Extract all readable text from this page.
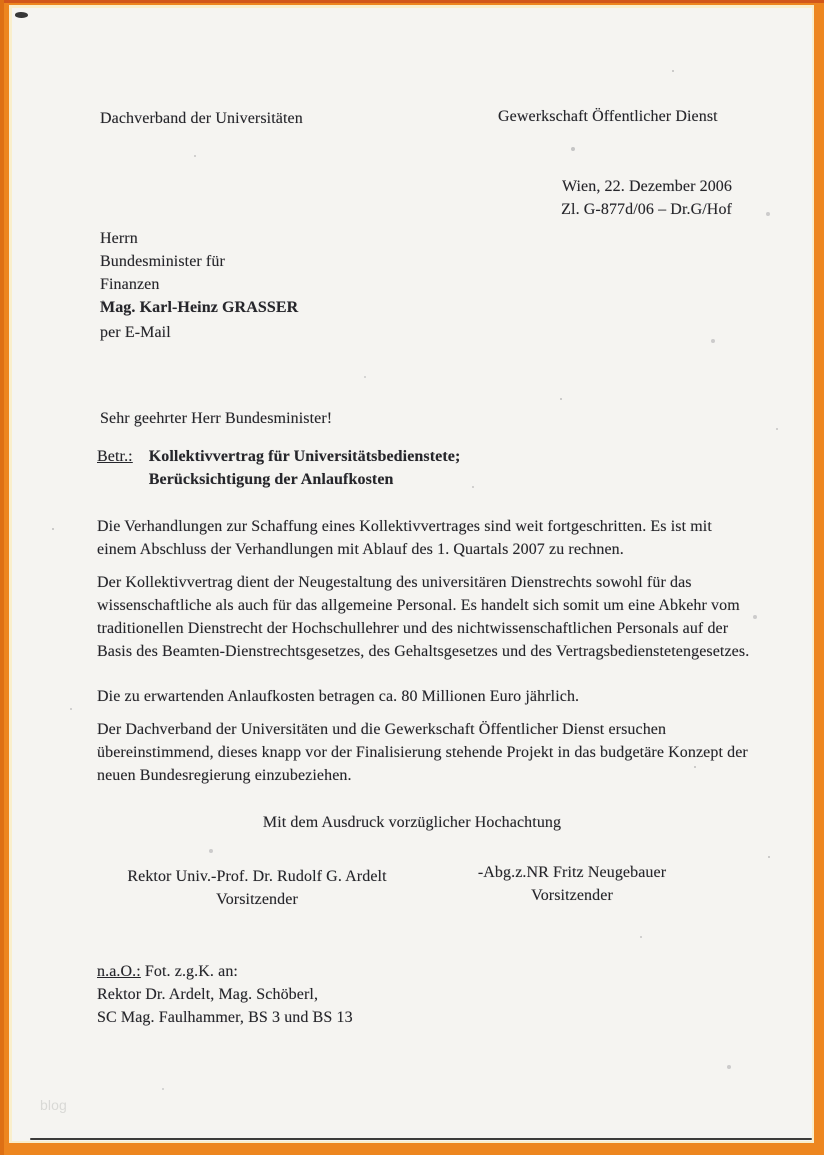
Dachverband der Universitäten	Gewerkschaft Öffentlicher Dienst
Wien, 22. Dezember 2006
Zl. G-877d/06 – Dr.G/Hof
Herrn
Bundesminister für
Finanzen
Mag. Karl-Heinz GRASSER
per E-Mail
Sehr geehrter Herr Bundesminister!
Betr.: Kollektivvertrag für Universitätsbedienstete;
Berücksichtigung der Anlaufkosten
Die Verhandlungen zur Schaffung eines Kollektivvertrages sind weit fortgeschritten. Es ist mit einem Abschluss der Verhandlungen mit Ablauf des 1. Quartals 2007 zu rechnen.
Der Kollektivvertrag dient der Neugestaltung des universitären Dienstrechts sowohl für das wissenschaftliche als auch für das allgemeine Personal. Es handelt sich somit um eine Abkehr vom traditionellen Dienstrecht der Hochschullehrer und des nichtwissenschaftlichen Personals auf der Basis des Beamten-Dienstrechtsgesetzes, des Gehaltsgesetzes und des Vertragsbedienstetengesetzes.
Die zu erwartenden Anlaufkosten betragen ca. 80 Millionen Euro jährlich.
Der Dachverband der Universitäten und die Gewerkschaft Öffentlicher Dienst ersuchen übereinstimmend, dieses knapp vor der Finalisierung stehende Projekt in das budgetäre Konzept der neuen Bundesregierung einzubeziehen.
Mit dem Ausdruck vorzüglicher Hochachtung
Rektor Univ.-Prof. Dr. Rudolf G. Ardelt
Vorsitzender
-Abg.z.NR Fritz Neugebauer
Vorsitzender
n.a.O.: Fot. z.g.K. an:
Rektor Dr. Ardelt, Mag. Schöberl,
SC Mag. Faulhammer, BS 3 und BS 13
blog
